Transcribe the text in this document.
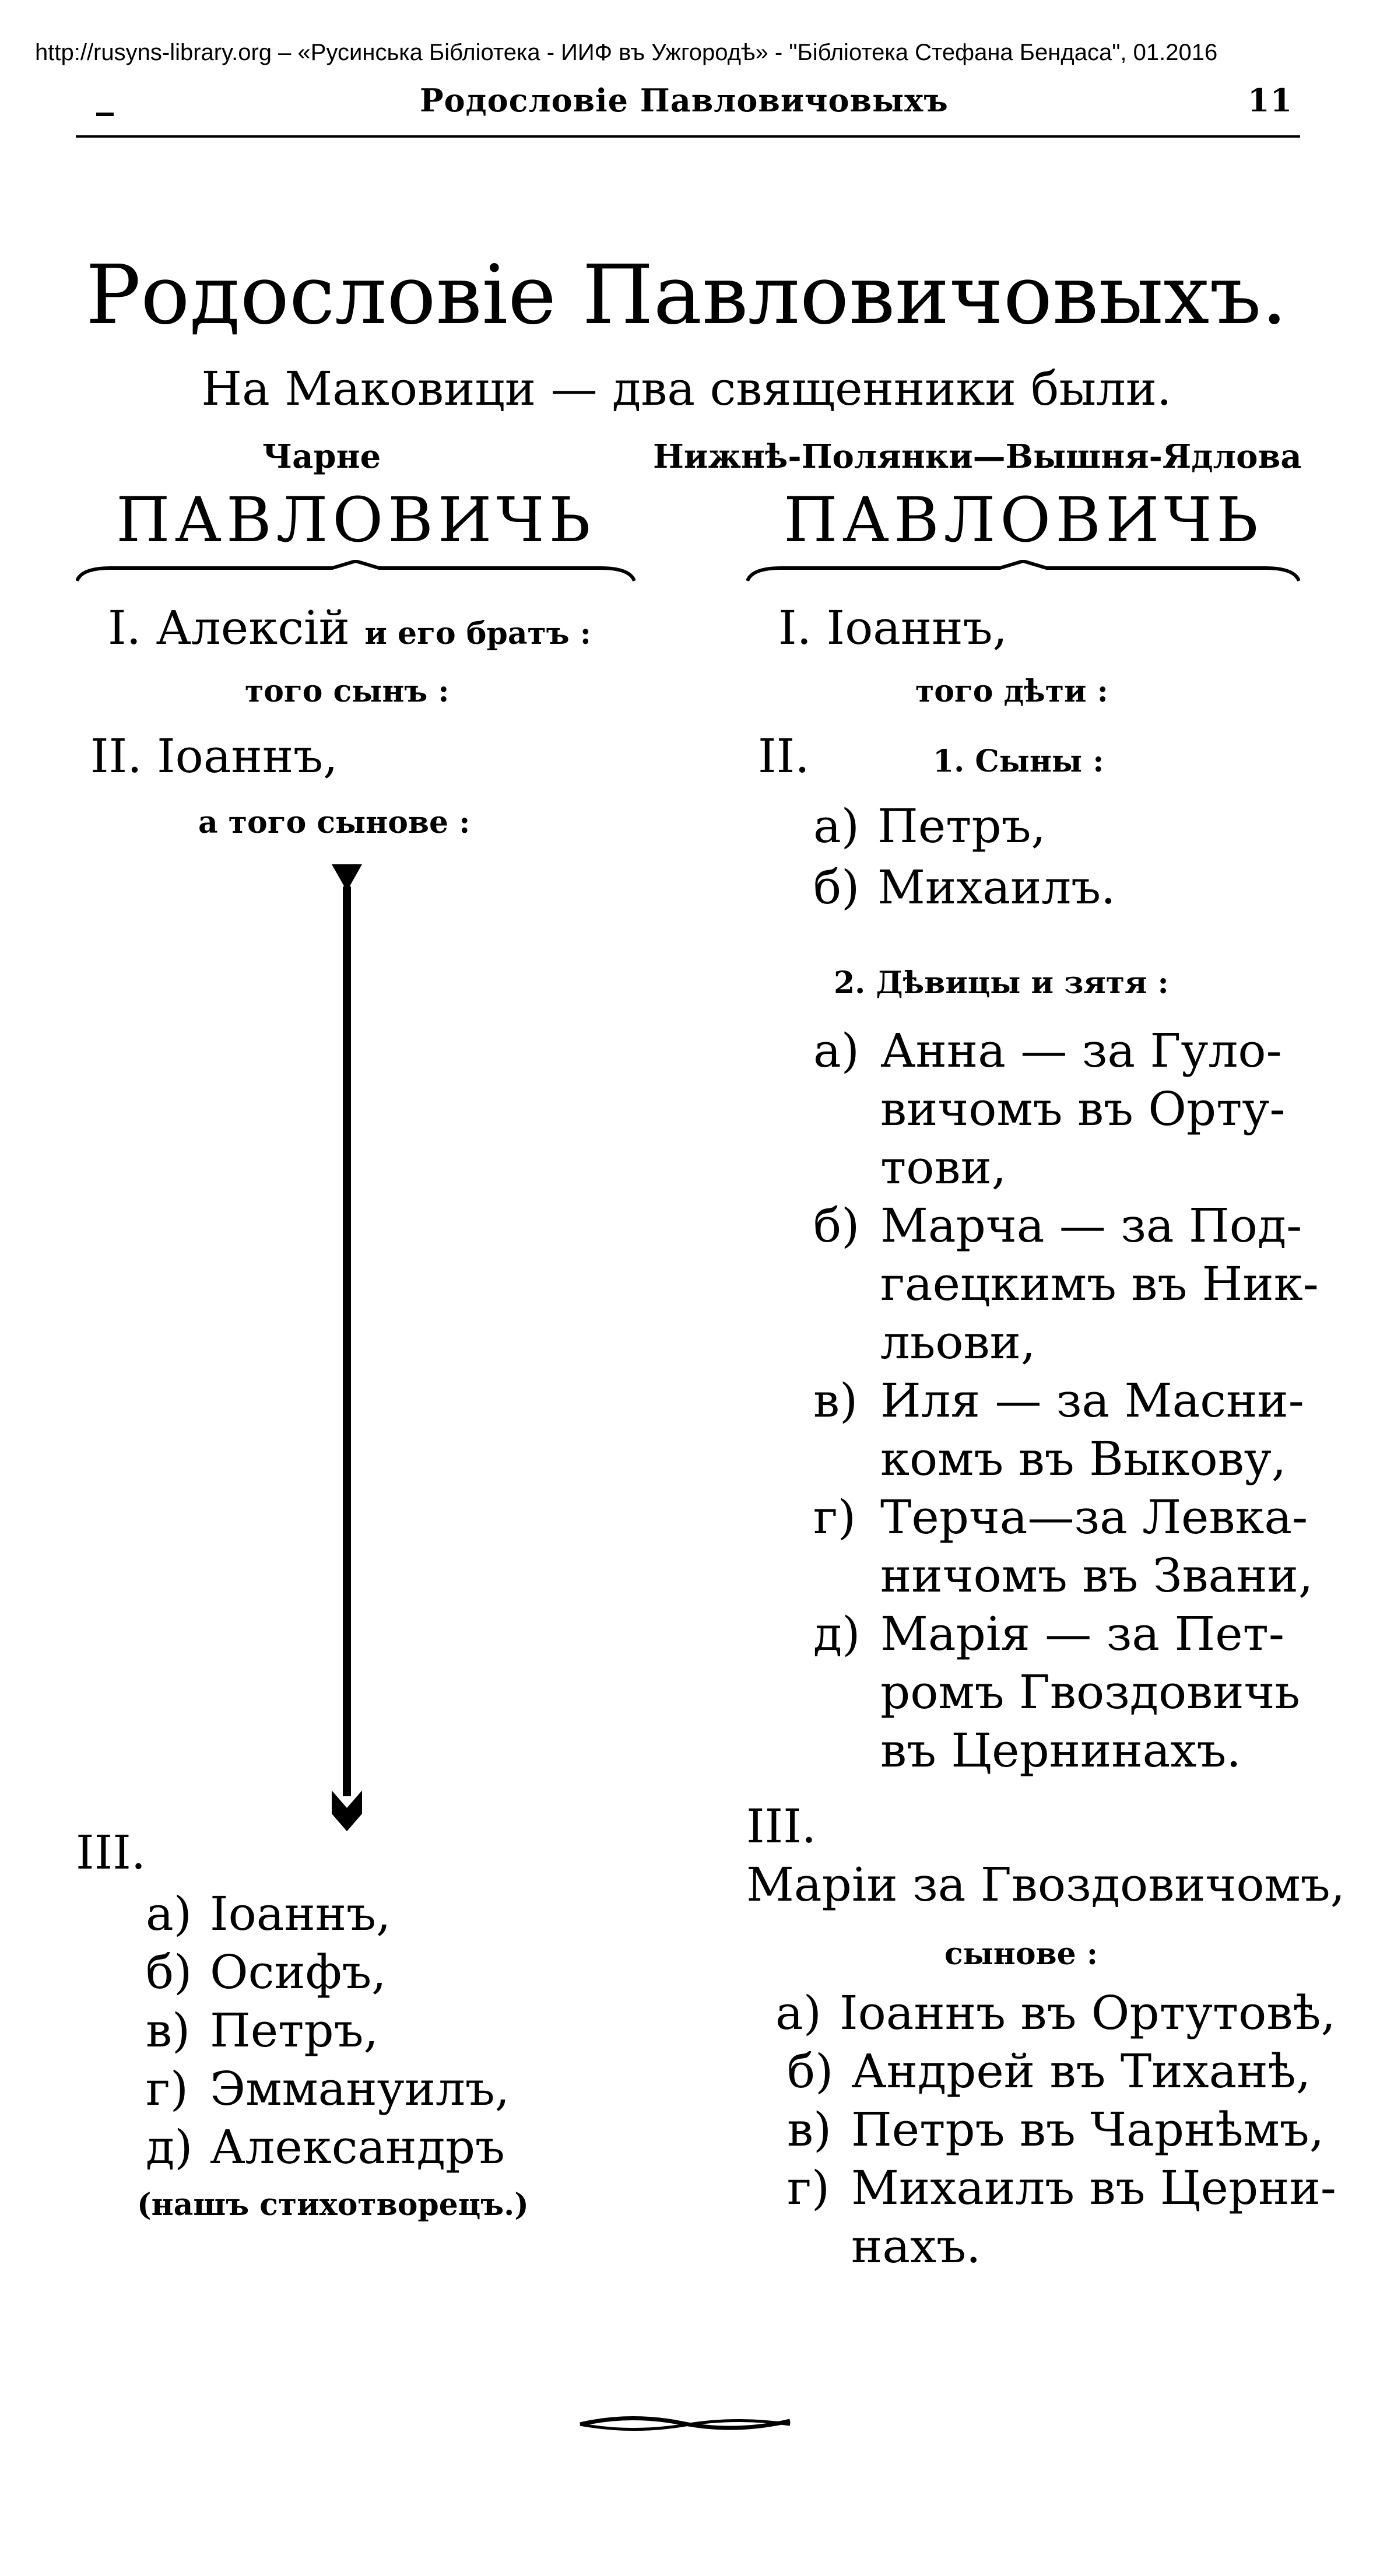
http://rusyns-library.org – «Русинська Бібліотека - ИИФ въ Ужгородѣ» - "Бібліотека Стефана Бендаса", 01.2016
Родословіе Павловичовыхъ	11
Родословіе Павловичовыхъ.
На Маковици — два священники были.
Чарне
ПАВЛОВИЧЬ
I. Алексій и его братъ :
того сынъ :
II. Іоаннъ,
а того сынове :
III.
а) Іоаннъ,
б) Осифъ,
в) Петръ,
г) Эммануилъ,
д) Александръ
(нашъ стихотворецъ.)
Нижнѣ-Полянки—Вышня-Ядлова
ПАВЛОВИЧЬ
I. Іоаннъ,
того дѣти :
II.	1. Сыны :
а) Петръ,
б) Михаилъ.
2. Дѣвицы и зятя :
а) Анна — за Гуло-
вичомъ въ Орту-
тови,
б) Марча — за Под-
гаецкимъ въ Ник-
льови,
в) Иля — за Масни-
комъ въ Выкову,
г) Терча—за Левка-
ничомъ въ Звани,
д) Марія — за Пет-
ромъ Гвоздовичь
въ Цернинахъ.
III.
Маріи за Гвоздовичомъ,
сынове :
а) Іоаннъ въ Ортутовѣ,
б) Андрей въ Тиханѣ,
в) Петръ въ Чарнѣмъ,
г) Михаилъ въ Церни-
нахъ.
